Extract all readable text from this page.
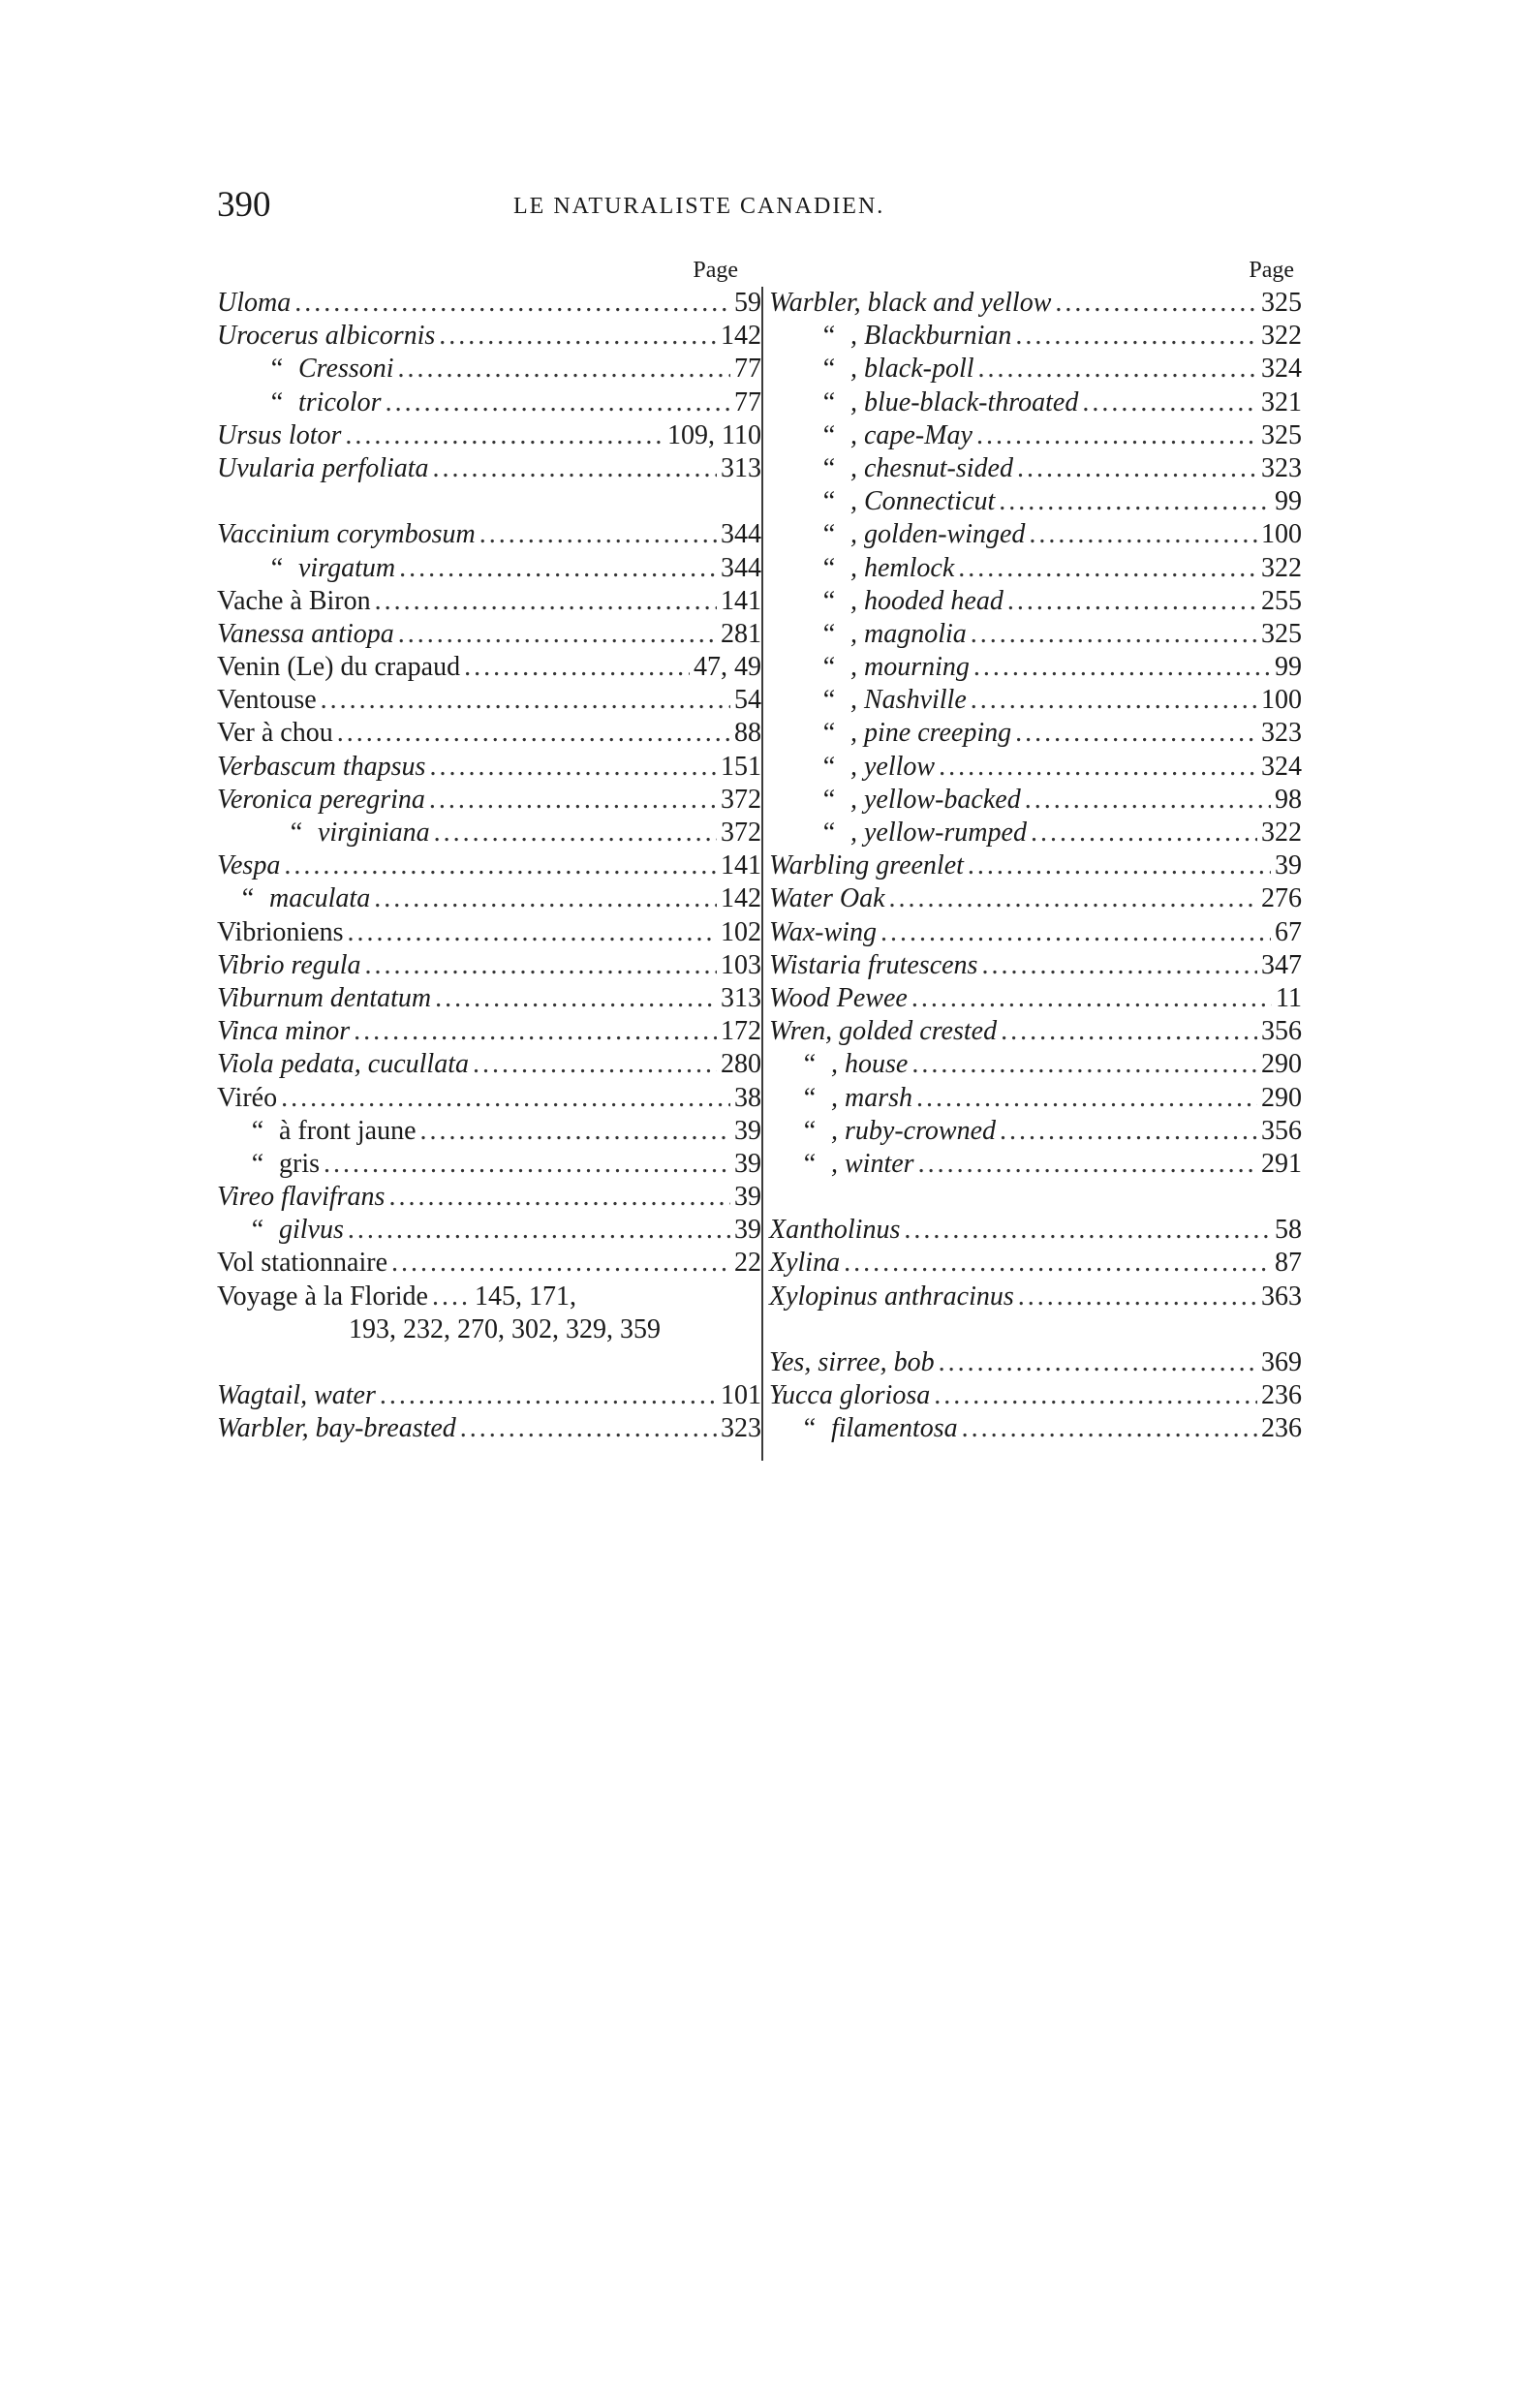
390	LE NATURALISTE CANADIEN.
Page
Uloma .....	59
Urocerus albicornis .....	142
“ Cressoni .....	77
“ tricolor .....	77
Ursus lotor .....	109, 110
Uvularia perfoliata .....	313
Vaccinium corymbosum .....	344
“ virgatum .....	344
Vache à Biron .....	141
Vanessa antiopa .....	281
Venin (Le) du crapaud .....	47, 49
Ventouse .....	54
Ver à chou .....	88
Verbascum thapsus .....	151
Veronica peregrina .....	372
“ virginiana .....	372
Vespa .....	141
“ maculata .....	142
Vibrioniens .....	102
Vibrio regula .....	103
Viburnum dentatum .....	313
Vinca minor .....	172
Viola pedata, cucullata .....	280
Viréo .....	38
“ à front jaune .....	39
“ gris .....	39
Vireo flavifrans .....	39
“ gilvus .....	39
Vol stationnaire .....	22
Voyage à la Floride ..... 145, 171,
193, 232, 270, 302, 329, 359
Wagtail, water .....	101
Warbler, bay-breasted .....	323
Page
Warbler, black and yellow .....	325
“ , Blackburnian .....	322
“ , black-poll .....	324
“ , blue-black-throated .....	321
“ , cape-May .....	325
“ , chesnut-sided .....	323
“ , Connecticut .....	99
“ , golden-winged .....	100
“ , hemlock .....	322
“ , hooded head .....	255
“ , magnolia .....	325
“ , mourning .....	99
“ , Nashville .....	100
“ , pine creeping .....	323
“ , yellow .....	324
“ , yellow-backed .....	98
“ , yellow-rumped .....	322
Warbling greenlet .....	39
Water Oak .....	276
Wax-wing .....	67
Wistaria frutescens .....	347
Wood Pewee .....	11
Wren, golded crested .....	356
“ , house .....	290
“ , marsh .....	290
“ , ruby-crowned .....	356
“ , winter .....	291
Xantholinus .....	58
Xylina .....	87
Xylopinus anthracinus .....	363
Yes, sirree, bob .....	369
Yucca gloriosa .....	236
“ filamentosa .....	236
